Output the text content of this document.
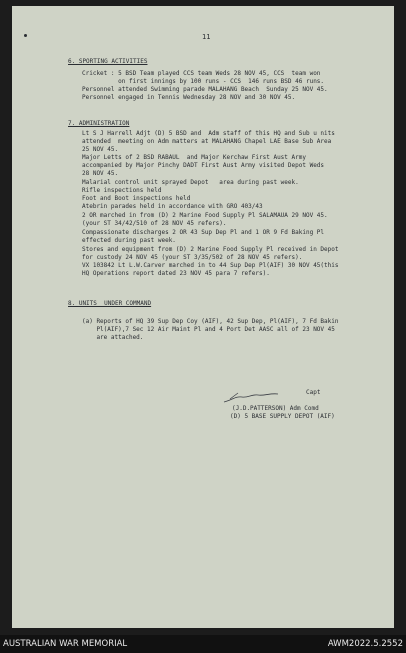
11
6. SPORTING ACTIVITIES
Cricket : 5 BSD Team played CCS team Weds 28 NOV 45, CCS  team won
on first innings by 100 runs - CCS  146 runs BSD 46 runs.
Personnel attended Swimming parade MALAHANG Beach  Sunday 25 NOV 45.
Personnel engaged in Tennis Wednesday 28 NOV and 30 NOV 45.
7. ADMINISTRATION
Lt S J Harrell Adjt (D) 5 BSD and  Adm staff of this HQ and Sub u nits
attended  meeting on Adm matters at MALAHANG Chapel LAE Base Sub Area
25 NOV 45.
Major Letts of 2 BSD RABAUL  and Major Kerchaw First Aust Army
accompanied by Major Pinchy DADT First Aust Army visited Depot Weds
28 NOV 45.
Malarial control unit sprayed Depot   area during past week.
Rifle inspections held
Foot and Boot inspections held
Atebrin parades held in accordance with GRO 403/43
2 OR marched in from (D) 2 Marine Food Supply Pl SALAMAUA 29 NOV 45.
(your ST 34/42/510 of 28 NOV 45 refers).
Compassionate discharges 2 OR 43 Sup Dep Pl and 1 OR 9 Fd Baking Pl
effected during past week.
Stores and equipment from (D) 2 Marine Food Supply Pl received in Depot
for custody 24 NOV 45 (your ST 3/35/502 of 28 NOV 45 refers).
VX 103842 Lt L.W.Carver marched in to 44 Sup Dep Pl(AIF) 30 NOV 45(this
HQ Operations report dated 23 NOV 45 para 7 refers).
8. UNITS  UNDER COMMAND
(a) Reports of HQ 39 Sup Dep Coy (AIF), 42 Sup Dep, Pl(AIF), 7 Fd Bakin
Pl(AIF),7 Sec 12 Air Maint Pl and 4 Port Det AASC all of 23 NOV 45
are attached.
Capt
(J.D.PATTERSON) Adm Comd
(D) 5 BASE SUPPLY DEPOT (AIF)
AUSTRALIAN WAR MEMORIAL	AWM2022.5.2552
